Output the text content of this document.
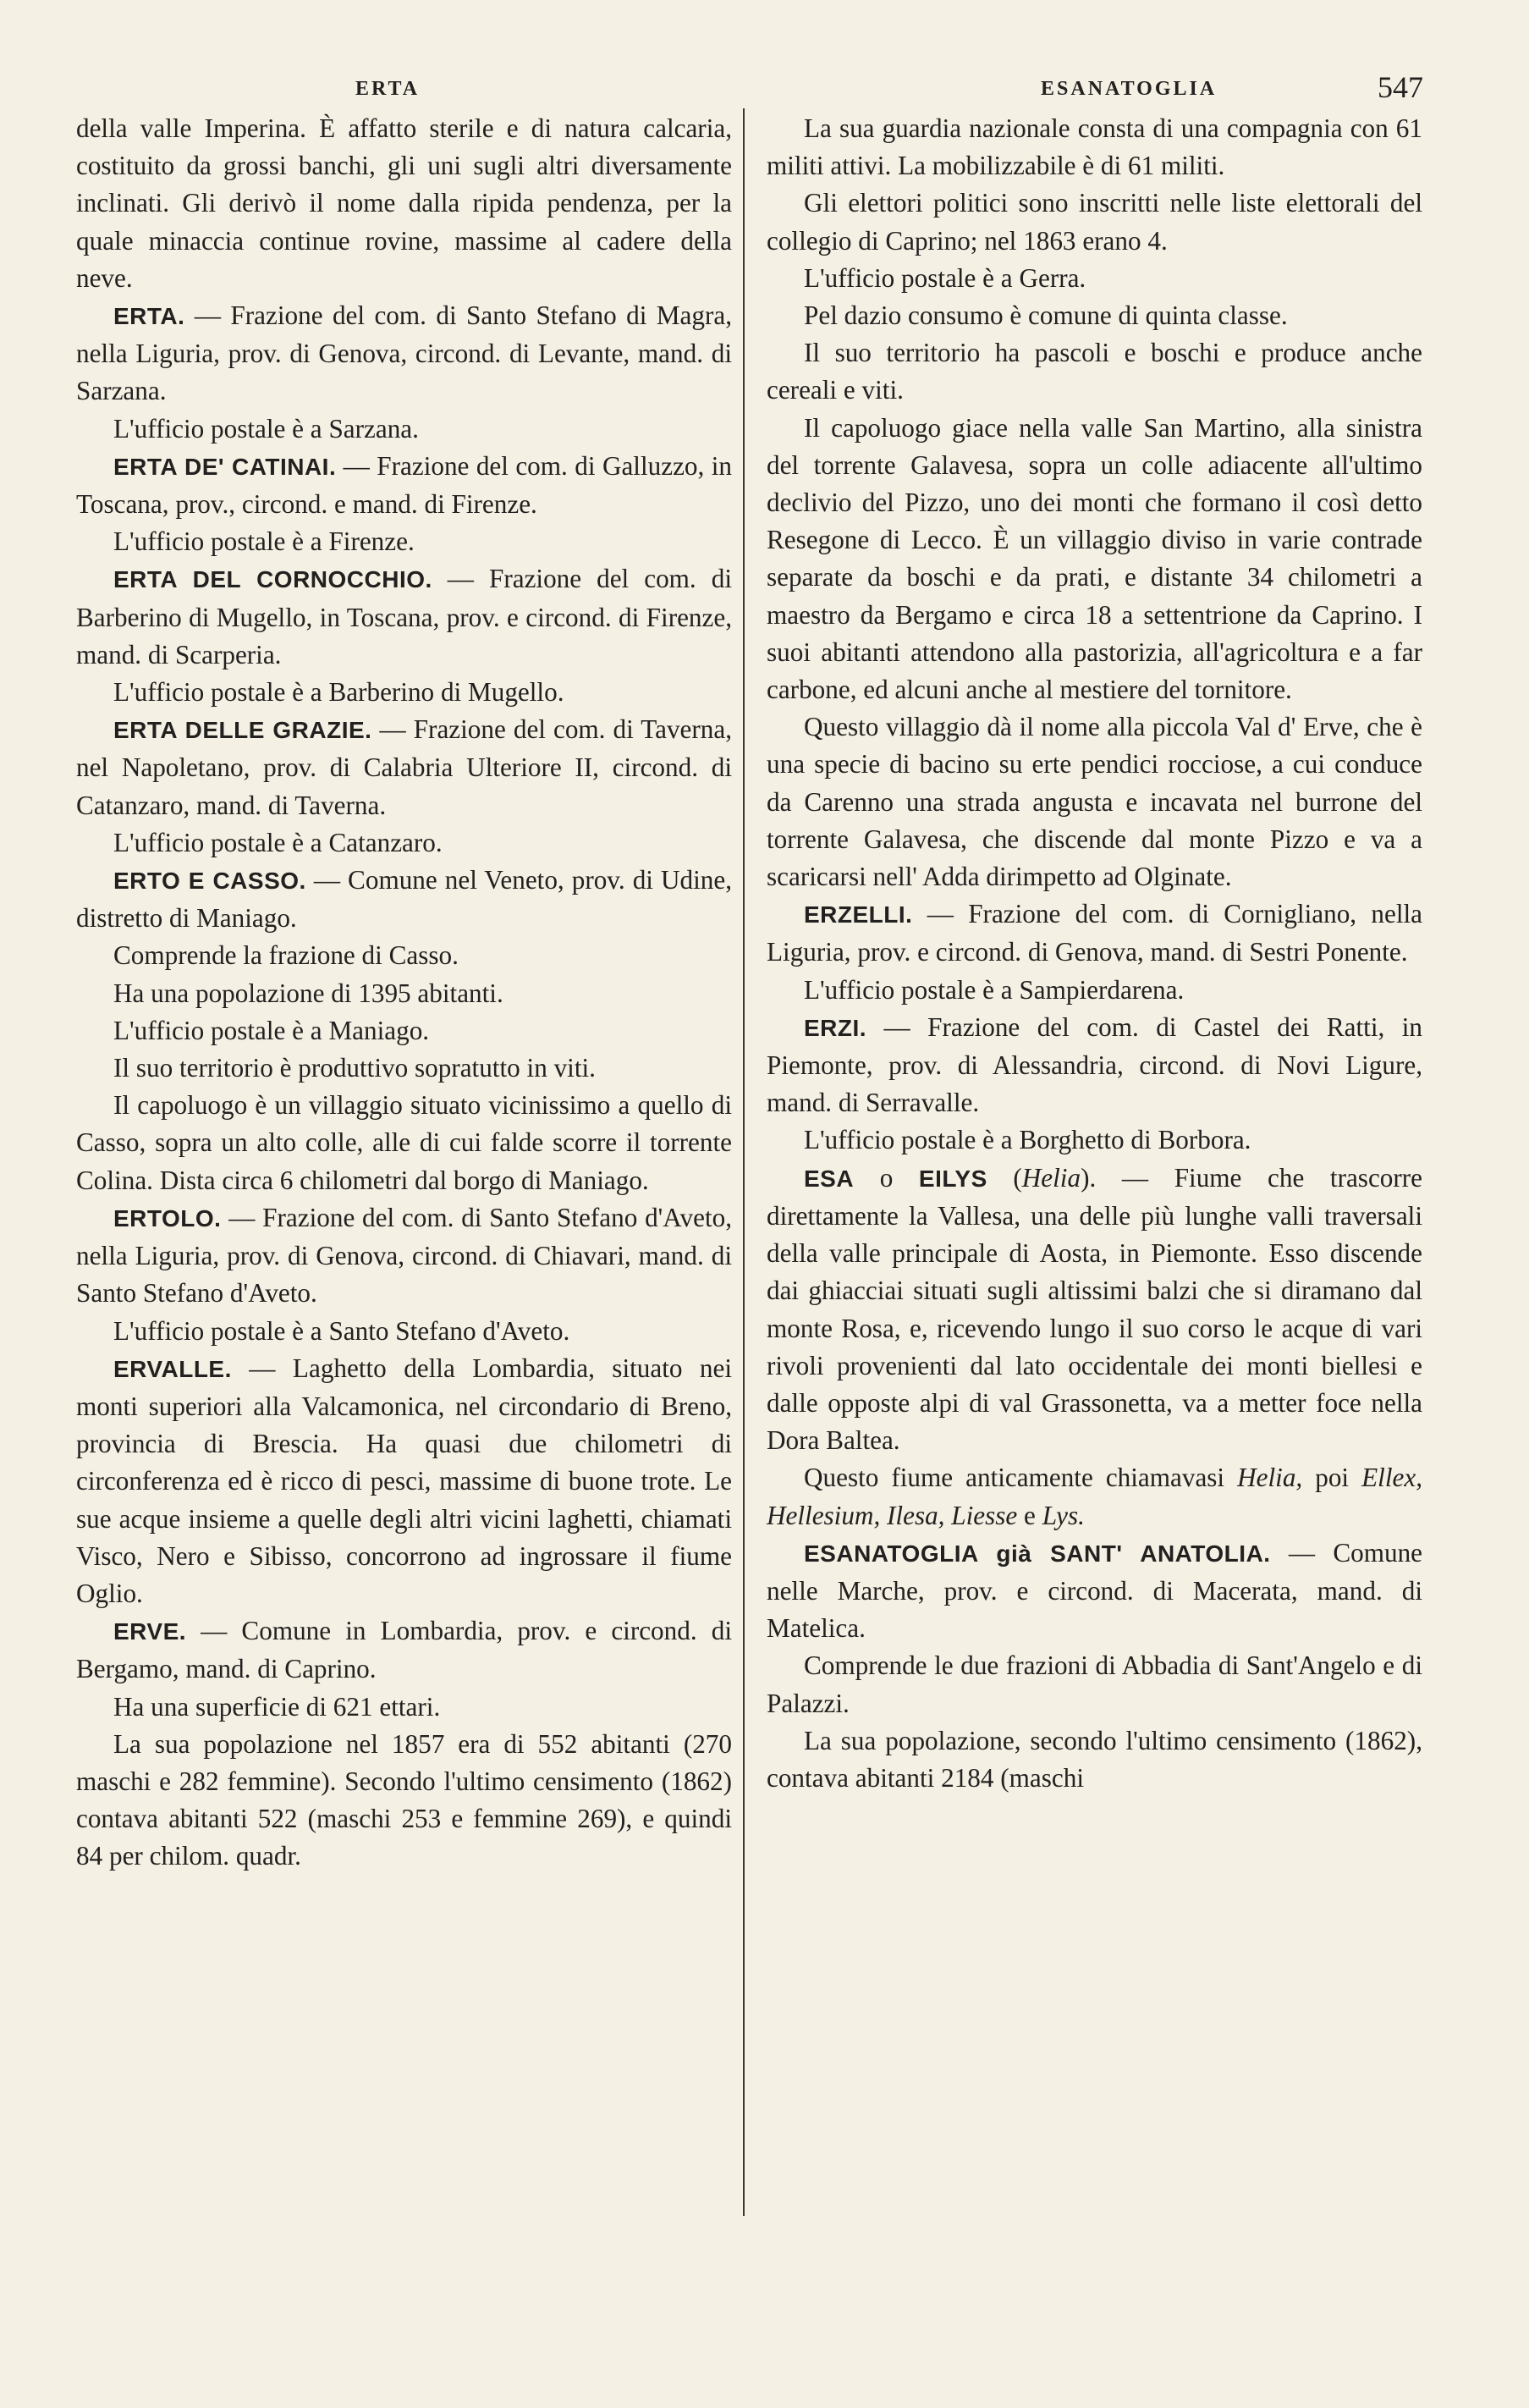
ERTA	ESANATOGLIA	547

della valle Imperina. È affatto sterile e di natura calcaria, costituito da grossi banchi, gli uni sugli altri diversamente inclinati. Gli derivò il nome dalla ripida pendenza, per la quale minaccia continue rovine, massime al cadere della neve.

ERTA. — Frazione del com. di Santo Stefano di Magra, nella Liguria, prov. di Genova, circond. di Levante, mand. di Sarzana.

L'ufficio postale è a Sarzana.

ERTA DE' CATINAI. — Frazione del com. di Galluzzo, in Toscana, prov., circond. e mand. di Firenze.

L'ufficio postale è a Firenze.

ERTA DEL CORNOCCHIO. — Frazione del com. di Barberino di Mugello, in Toscana, prov. e circond. di Firenze, mand. di Scarperia.

L'ufficio postale è a Barberino di Mugello.

ERTA DELLE GRAZIE. — Frazione del com. di Taverna, nel Napoletano, prov. di Calabria Ulteriore II, circond. di Catanzaro, mand. di Taverna.

L'ufficio postale è a Catanzaro.

ERTO E CASSO. — Comune nel Veneto, prov. di Udine, distretto di Maniago.

Comprende la frazione di Casso.

Ha una popolazione di 1395 abitanti.

L'ufficio postale è a Maniago.

Il suo territorio è produttivo sopratutto in viti.

Il capoluogo è un villaggio situato vicinissimo a quello di Casso, sopra un alto colle, alle di cui falde scorre il torrente Colina. Dista circa 6 chilometri dal borgo di Maniago.

ERTOLO. — Frazione del com. di Santo Stefano d'Aveto, nella Liguria, prov. di Genova, circond. di Chiavari, mand. di Santo Stefano d'Aveto.

L'ufficio postale è a Santo Stefano d'Aveto.

ERVALLE. — Laghetto della Lombardia, situato nei monti superiori alla Valcamonica, nel circondario di Breno, provincia di Brescia. Ha quasi due chilometri di circonferenza ed è ricco di pesci, massime di buone trote. Le sue acque insieme a quelle degli altri vicini laghetti, chiamati Visco, Nero e Sibisso, concorrono ad ingrossare il fiume Oglio.

ERVE. — Comune in Lombardia, prov. e circond. di Bergamo, mand. di Caprino.

Ha una superficie di 621 ettari.

La sua popolazione nel 1857 era di 552 abitanti (270 maschi e 282 femmine). Secondo l'ultimo censimento (1862) contava abitanti 522 (maschi 253 e femmine 269), e quindi 84 per chilom. quadr.

La sua guardia nazionale consta di una compagnia con 61 militi attivi. La mobilizzabile è di 61 militi.

Gli elettori politici sono inscritti nelle liste elettorali del collegio di Caprino; nel 1863 erano 4.

L'ufficio postale è a Gerra.

Pel dazio consumo è comune di quinta classe.

Il suo territorio ha pascoli e boschi e produce anche cereali e viti.

Il capoluogo giace nella valle San Martino, alla sinistra del torrente Galavesa, sopra un colle adiacente all'ultimo declivio del Pizzo, uno dei monti che formano il così detto Resegone di Lecco. È un villaggio diviso in varie contrade separate da boschi e da prati, e distante 34 chilometri a maestro da Bergamo e circa 18 a settentrione da Caprino. I suoi abitanti attendono alla pastorizia, all'agricoltura e a far carbone, ed alcuni anche al mestiere del tornitore.

Questo villaggio dà il nome alla piccola Val d' Erve, che è una specie di bacino su erte pendici rocciose, a cui conduce da Carenno una strada angusta e incavata nel burrone del torrente Galavesa, che discende dal monte Pizzo e va a scaricarsi nell' Adda dirimpetto ad Olginate.

ERZELLI. — Frazione del com. di Cornigliano, nella Liguria, prov. e circond. di Genova, mand. di Sestri Ponente.

L'ufficio postale è a Sampierdarena.

ERZI. — Frazione del com. di Castel dei Ratti, in Piemonte, prov. di Alessandria, circond. di Novi Ligure, mand. di Serravalle.

L'ufficio postale è a Borghetto di Borbora.

ESA o EILYS (Helia). — Fiume che trascorre direttamente la Vallesa, una delle più lunghe valli traversali della valle principale di Aosta, in Piemonte. Esso discende dai ghiacciai situati sugli altissimi balzi che si diramano dal monte Rosa, e, ricevendo lungo il suo corso le acque di vari rivoli provenienti dal lato occidentale dei monti biellesi e dalle opposte alpi di val Grassonetta, va a metter foce nella Dora Baltea.

Questo fiume anticamente chiamavasi Helia, poi Ellex, Hellesium, Ilesa, Liesse e Lys.

ESANATOGLIA già SANT' ANATOLIA. — Comune nelle Marche, prov. e circond. di Macerata, mand. di Matelica.

Comprende le due frazioni di Abbadia di Sant'Angelo e di Palazzi.

La sua popolazione, secondo l'ultimo censimento (1862), contava abitanti 2184 (maschi
